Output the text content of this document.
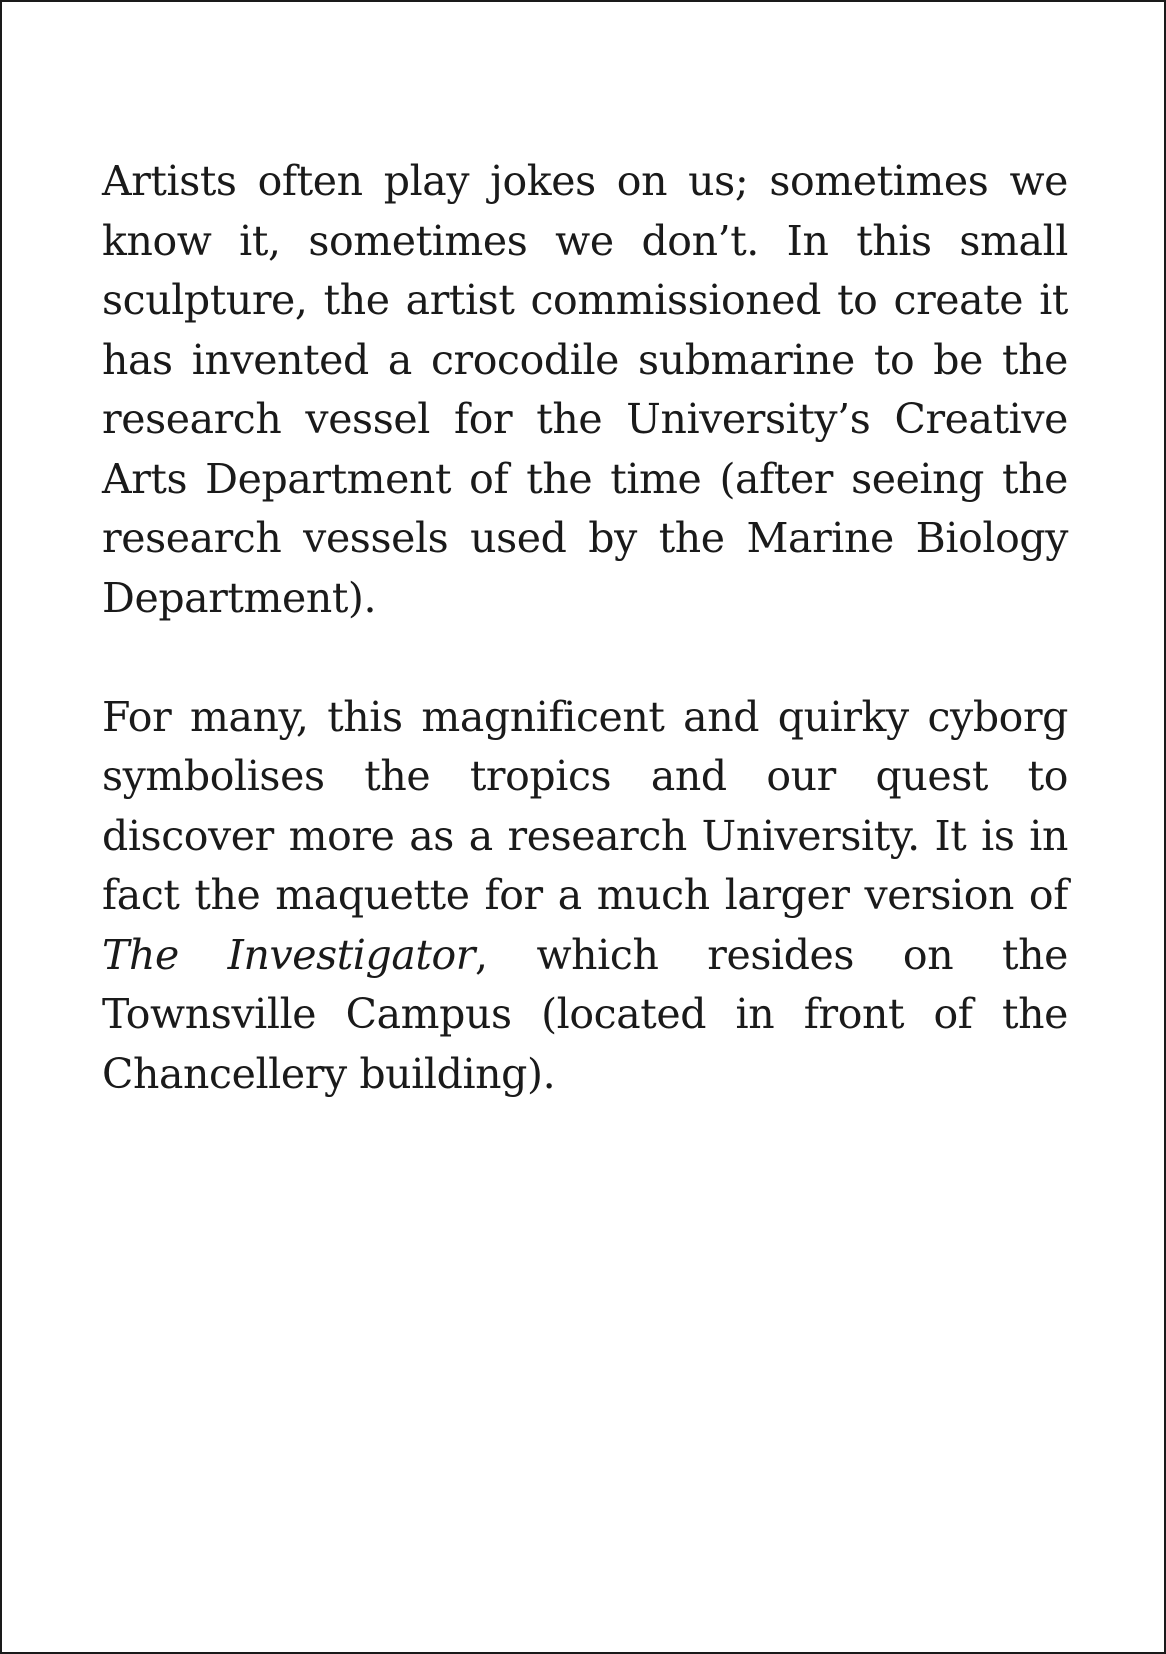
Artists often play jokes on us; sometimes we know it, sometimes we don’t. In this small sculpture, the artist commissioned to create it has invented a crocodile submarine to be the research vessel for the University’s Creative Arts Department of the time (after seeing the research vessels used by the Marine Biology Department).

For many, this magnificent and quirky cyborg symbolises the tropics and our quest to discover more as a research University. It is in fact the maquette for a much larger version of The Investigator, which resides on the Townsville Campus (located in front of the Chancellery building).
